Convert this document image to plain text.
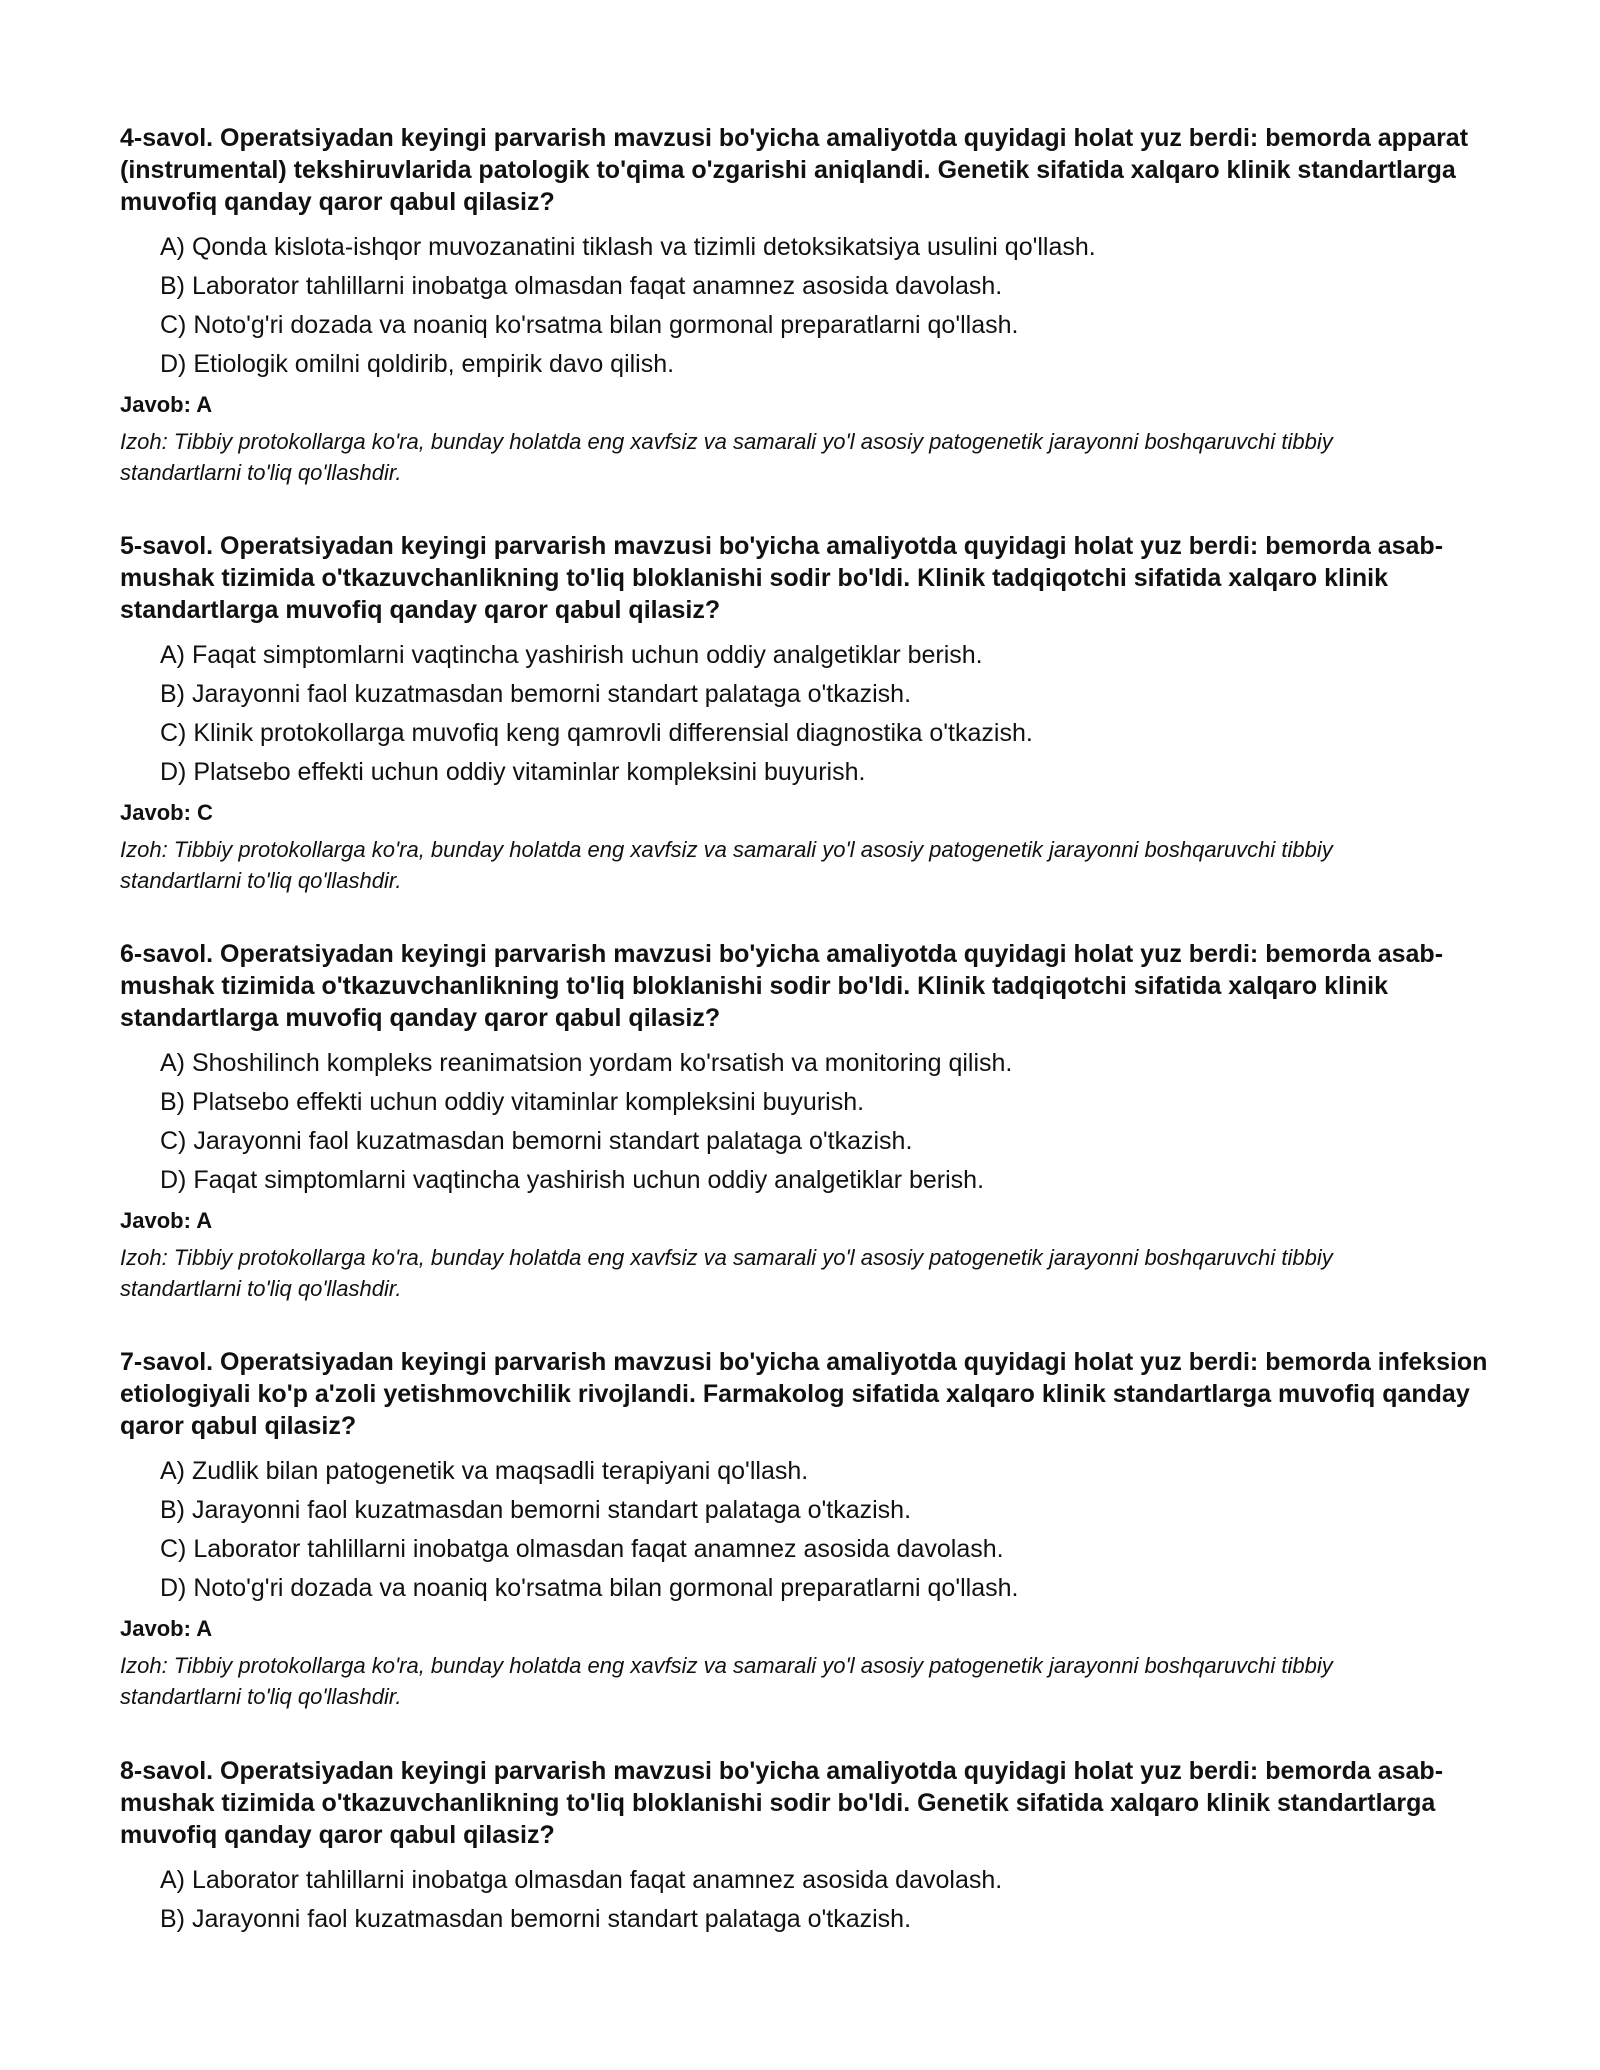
4-savol. Operatsiyadan keyingi parvarish mavzusi bo'yicha amaliyotda quyidagi holat yuz berdi: bemorda apparat (instrumental) tekshiruvlarida patologik to'qima o'zgarishi aniqlandi. Genetik sifatida xalqaro klinik standartlarga muvofiq qanday qaror qabul qilasiz?

A) Qonda kislota-ishqor muvozanatini tiklash va tizimli detoksikatsiya usulini qo'llash.
B) Laborator tahlillarni inobatga olmasdan faqat anamnez asosida davolash.
C) Noto'g'ri dozada va noaniq ko'rsatma bilan gormonal preparatlarni qo'llash.
D) Etiologik omilni qoldirib, empirik davo qilish.

Javob: A

Izoh: Tibbiy protokollarga ko'ra, bunday holatda eng xavfsiz va samarali yo'l asosiy patogenetik jarayonni boshqaruvchi tibbiy standartlarni to'liq qo'llashdir.

5-savol. Operatsiyadan keyingi parvarish mavzusi bo'yicha amaliyotda quyidagi holat yuz berdi: bemorda asab-mushak tizimida o'tkazuvchanlikning to'liq bloklanishi sodir bo'ldi. Klinik tadqiqotchi sifatida xalqaro klinik standartlarga muvofiq qanday qaror qabul qilasiz?

A) Faqat simptomlarni vaqtincha yashirish uchun oddiy analgetiklar berish.
B) Jarayonni faol kuzatmasdan bemorni standart palataga o'tkazish.
C) Klinik protokollarga muvofiq keng qamrovli differensial diagnostika o'tkazish.
D) Platsebo effekti uchun oddiy vitaminlar kompleksini buyurish.

Javob: C

Izoh: Tibbiy protokollarga ko'ra, bunday holatda eng xavfsiz va samarali yo'l asosiy patogenetik jarayonni boshqaruvchi tibbiy standartlarni to'liq qo'llashdir.

6-savol. Operatsiyadan keyingi parvarish mavzusi bo'yicha amaliyotda quyidagi holat yuz berdi: bemorda asab-mushak tizimida o'tkazuvchanlikning to'liq bloklanishi sodir bo'ldi. Klinik tadqiqotchi sifatida xalqaro klinik standartlarga muvofiq qanday qaror qabul qilasiz?

A) Shoshilinch kompleks reanimatsion yordam ko'rsatish va monitoring qilish.
B) Platsebo effekti uchun oddiy vitaminlar kompleksini buyurish.
C) Jarayonni faol kuzatmasdan bemorni standart palataga o'tkazish.
D) Faqat simptomlarni vaqtincha yashirish uchun oddiy analgetiklar berish.

Javob: A

Izoh: Tibbiy protokollarga ko'ra, bunday holatda eng xavfsiz va samarali yo'l asosiy patogenetik jarayonni boshqaruvchi tibbiy standartlarni to'liq qo'llashdir.

7-savol. Operatsiyadan keyingi parvarish mavzusi bo'yicha amaliyotda quyidagi holat yuz berdi: bemorda infeksion etiologiyali ko'p a'zoli yetishmovchilik rivojlandi. Farmakolog sifatida xalqaro klinik standartlarga muvofiq qanday qaror qabul qilasiz?

A) Zudlik bilan patogenetik va maqsadli terapiyani qo'llash.
B) Jarayonni faol kuzatmasdan bemorni standart palataga o'tkazish.
C) Laborator tahlillarni inobatga olmasdan faqat anamnez asosida davolash.
D) Noto'g'ri dozada va noaniq ko'rsatma bilan gormonal preparatlarni qo'llash.

Javob: A

Izoh: Tibbiy protokollarga ko'ra, bunday holatda eng xavfsiz va samarali yo'l asosiy patogenetik jarayonni boshqaruvchi tibbiy standartlarni to'liq qo'llashdir.

8-savol. Operatsiyadan keyingi parvarish mavzusi bo'yicha amaliyotda quyidagi holat yuz berdi: bemorda asab-mushak tizimida o'tkazuvchanlikning to'liq bloklanishi sodir bo'ldi. Genetik sifatida xalqaro klinik standartlarga muvofiq qanday qaror qabul qilasiz?

A) Laborator tahlillarni inobatga olmasdan faqat anamnez asosida davolash.
B) Jarayonni faol kuzatmasdan bemorni standart palataga o'tkazish.
